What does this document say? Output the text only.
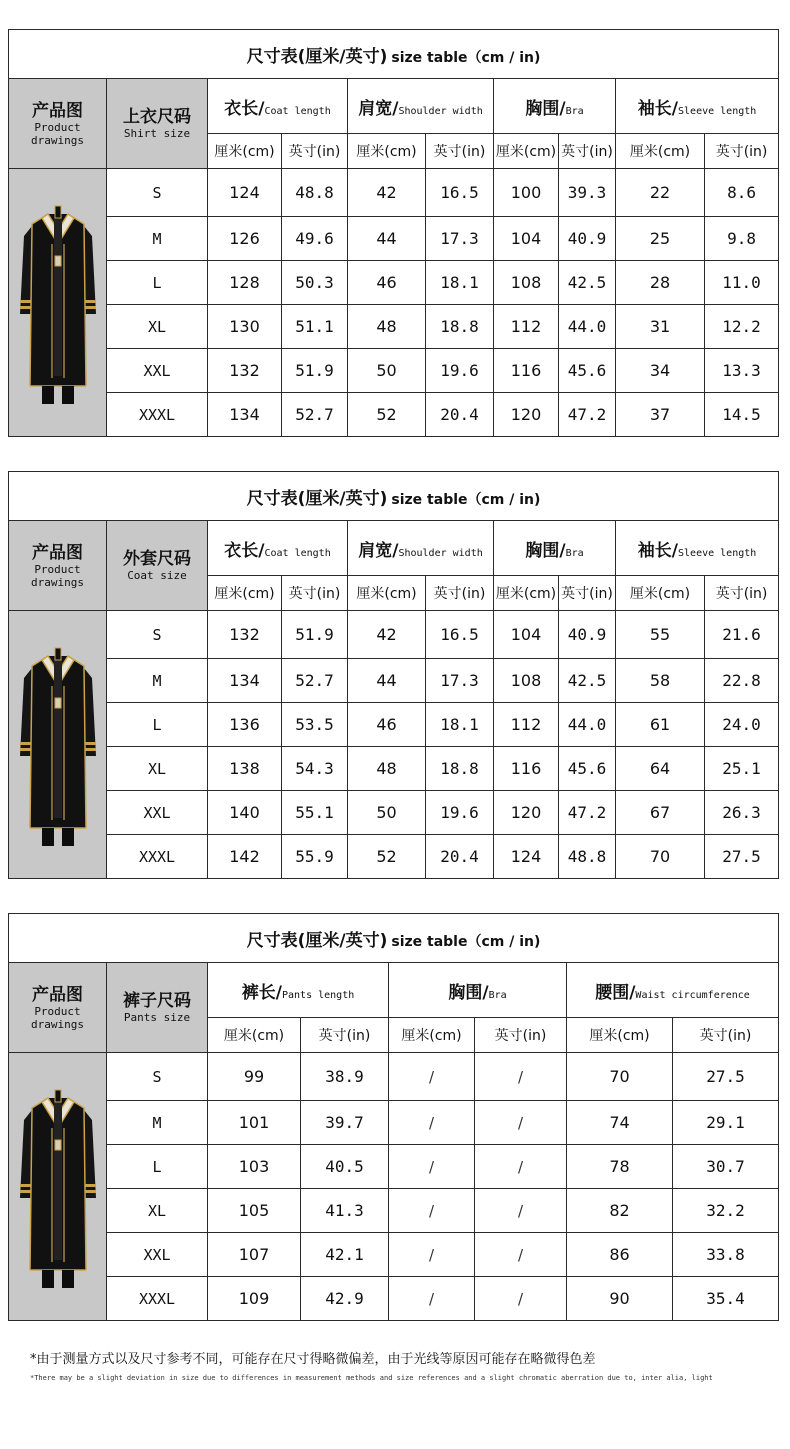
尺寸表(厘米/英寸) size table（cm / in)									

产品图
Product
drawings	上衣尺码
Shirt size	衣长/Coat length		肩宽/Shoulder width		胸围/Bra		袖长/Sleeve length	
		厘米(cm)	英寸(in)	厘米(cm)	英寸(in)	厘米(cm)	英寸(in)	厘米(cm)	英寸(in)
	S	124	48.8	42	16.5	100	39.3	22	8.6
	M	126	49.6	44	17.3	104	40.9	25	9.8
	L	128	50.3	46	18.1	108	42.5	28	11.0
	XL	130	51.1	48	18.8	112	44.0	31	12.2
	XXL	132	51.9	50	19.6	116	45.6	34	13.3
	XXXL	134	52.7	52	20.4	120	47.2	37	14.5
尺寸表(厘米/英寸) size table（cm / in)									

产品图
Product
drawings	外套尺码
Coat size	衣长/Coat length		肩宽/Shoulder width		胸围/Bra		袖长/Sleeve length	
		厘米(cm)	英寸(in)	厘米(cm)	英寸(in)	厘米(cm)	英寸(in)	厘米(cm)	英寸(in)
	S	132	51.9	42	16.5	104	40.9	55	21.6
	M	134	52.7	44	17.3	108	42.5	58	22.8
	L	136	53.5	46	18.1	112	44.0	61	24.0
	XL	138	54.3	48	18.8	116	45.6	64	25.1
	XXL	140	55.1	50	19.6	120	47.2	67	26.3
	XXXL	142	55.9	52	20.4	124	48.8	70	27.5
尺寸表(厘米/英寸) size table（cm / in)							

产品图
Product
drawings	裤子尺码
Pants size	裤长/Pants length		胸围/Bra		腰围/Waist circumference	
		厘米(cm)	英寸(in)	厘米(cm)	英寸(in)	厘米(cm)	英寸(in)
	S	99	38.9	/	/	70	27.5
	M	101	39.7	/	/	74	29.1
	L	103	40.5	/	/	78	30.7
	XL	105	41.3	/	/	82	32.2
	XXL	107	42.1	/	/	86	33.8
	XXXL	109	42.9	/	/	90	35.4
*由于测量方式以及尺寸参考不同，可能存在尺寸得略微偏差，由于光线等原因可能存在略微得色差
*There may be a slight deviation in size due to differences in measurement methods and size references and a slight chromatic aberration due to, inter alia, light
